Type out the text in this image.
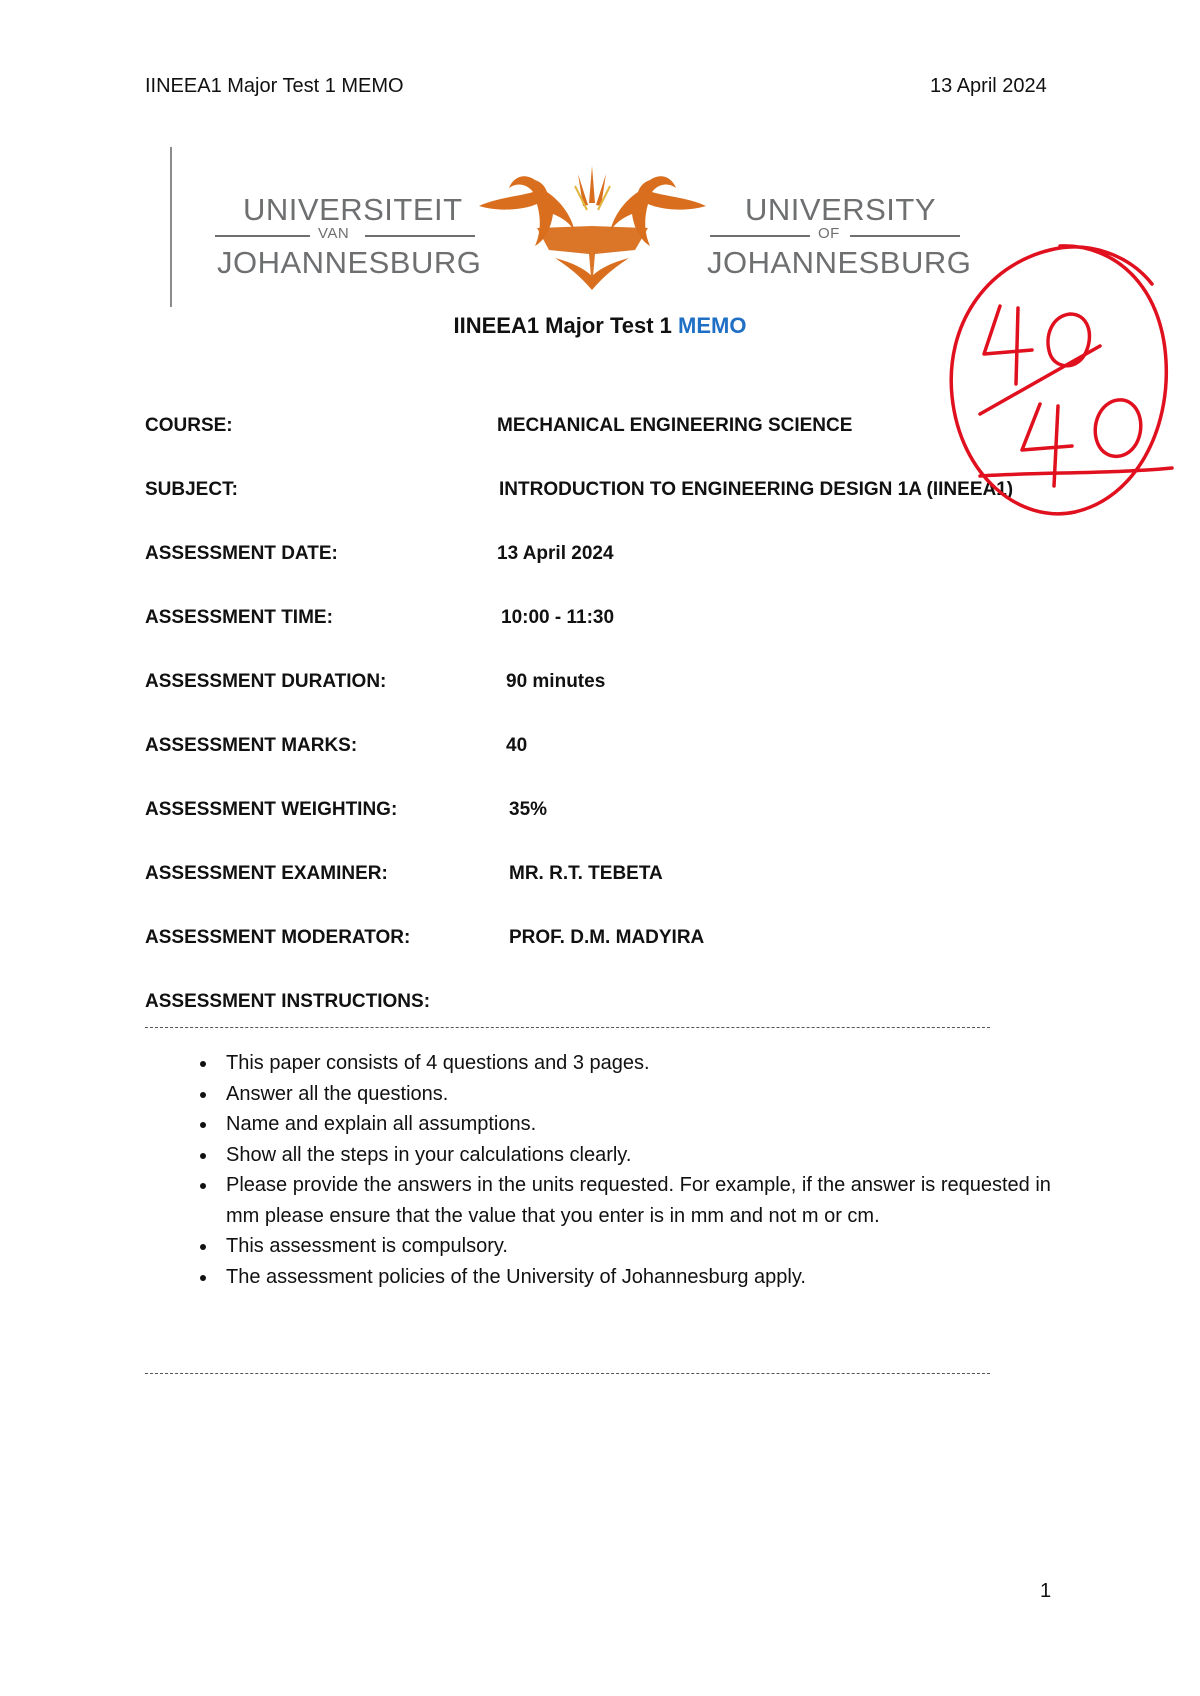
IINEEA1 Major Test 1 MEMO	13 April 2024
UNIVERSITEIT
VAN
JOHANNESBURG
UNIVERSITY
OF
JOHANNESBURG
IINEEA1 Major Test 1 MEMO
COURSE:	MECHANICAL ENGINEERING SCIENCE
SUBJECT:	INTRODUCTION TO ENGINEERING DESIGN 1A (IINEEA1)
ASSESSMENT DATE:	13 April 2024
ASSESSMENT TIME:	10:00 - 11:30
ASSESSMENT DURATION:	90 minutes
ASSESSMENT MARKS:	40
ASSESSMENT WEIGHTING:	35%
ASSESSMENT EXAMINER:	MR. R.T. TEBETA
ASSESSMENT MODERATOR:	PROF. D.M. MADYIRA
ASSESSMENT INSTRUCTIONS:
• This paper consists of 4 questions and 3 pages.
• Answer all the questions.
• Name and explain all assumptions.
• Show all the steps in your calculations clearly.
• Please provide the answers in the units requested. For example, if the answer is requested in mm please ensure that the value that you enter is in mm and not m or cm.
• This assessment is compulsory.
• The assessment policies of the University of Johannesburg apply.
1
